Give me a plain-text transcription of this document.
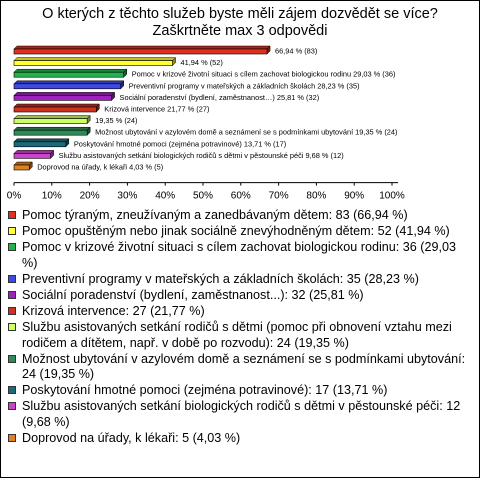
O kterých z těchto služeb byste měli zájem dozvědět se více?
Zaškrtněte max 3 odpovědi
66,94 % (83)
41,94 % (52)
Pomoc v krizové životní situaci s cílem zachovat biologickou rodinu 29,03 % (36)
Preventivní programy v mateřských a základních školách 28,23 % (35)
Sociální poradenství (bydlení, zaměstnanost…) 25,81 % (32)
Krizová intervence 21,77 % (27)
19,35 % (24)
Možnost ubytování v azylovém domě a seznámení se s podmínkami ubytování 19,35 % (24)
Poskytování hmotné pomoci (zejména potravinové) 13,71 % (17)
Službu asistovaných setkání biologických rodičů s dětmi v pěstounské péči 9,68 % (12)
Doprovod na úřady, k lékaři 4,03 % (5)
0% 10% 20% 30% 40% 50% 60% 70% 80% 90% 100%
Pomoc týraným, zneužívaným a zanedbávaným dětem: 83 (66,94 %)
Pomoc opuštěným nebo jinak sociálně znevýhodněným dětem: 52 (41,94 %)
Pomoc v krizové životní situaci s cílem zachovat biologickou rodinu: 36 (29,03 %)
Preventivní programy v mateřských a základních školách: 35 (28,23 %)
Sociální poradenství (bydlení, zaměstnanost...): 32 (25,81 %)
Krizová intervence: 27 (21,77 %)
Službu asistovaných setkání rodičů s dětmi (pomoc při obnovení vztahu mezi rodičem a dítětem, např. v době po rozvodu): 24 (19,35 %)
Možnost ubytování v azylovém domě a seznámení se s podmínkami ubytování: 24 (19,35 %)
Poskytování hmotné pomoci (zejména potravinové): 17 (13,71 %)
Službu asistovaných setkání biologických rodičů s dětmi v pěstounské péči: 12 (9,68 %)
Doprovod na úřady, k lékaři: 5 (4,03 %)
